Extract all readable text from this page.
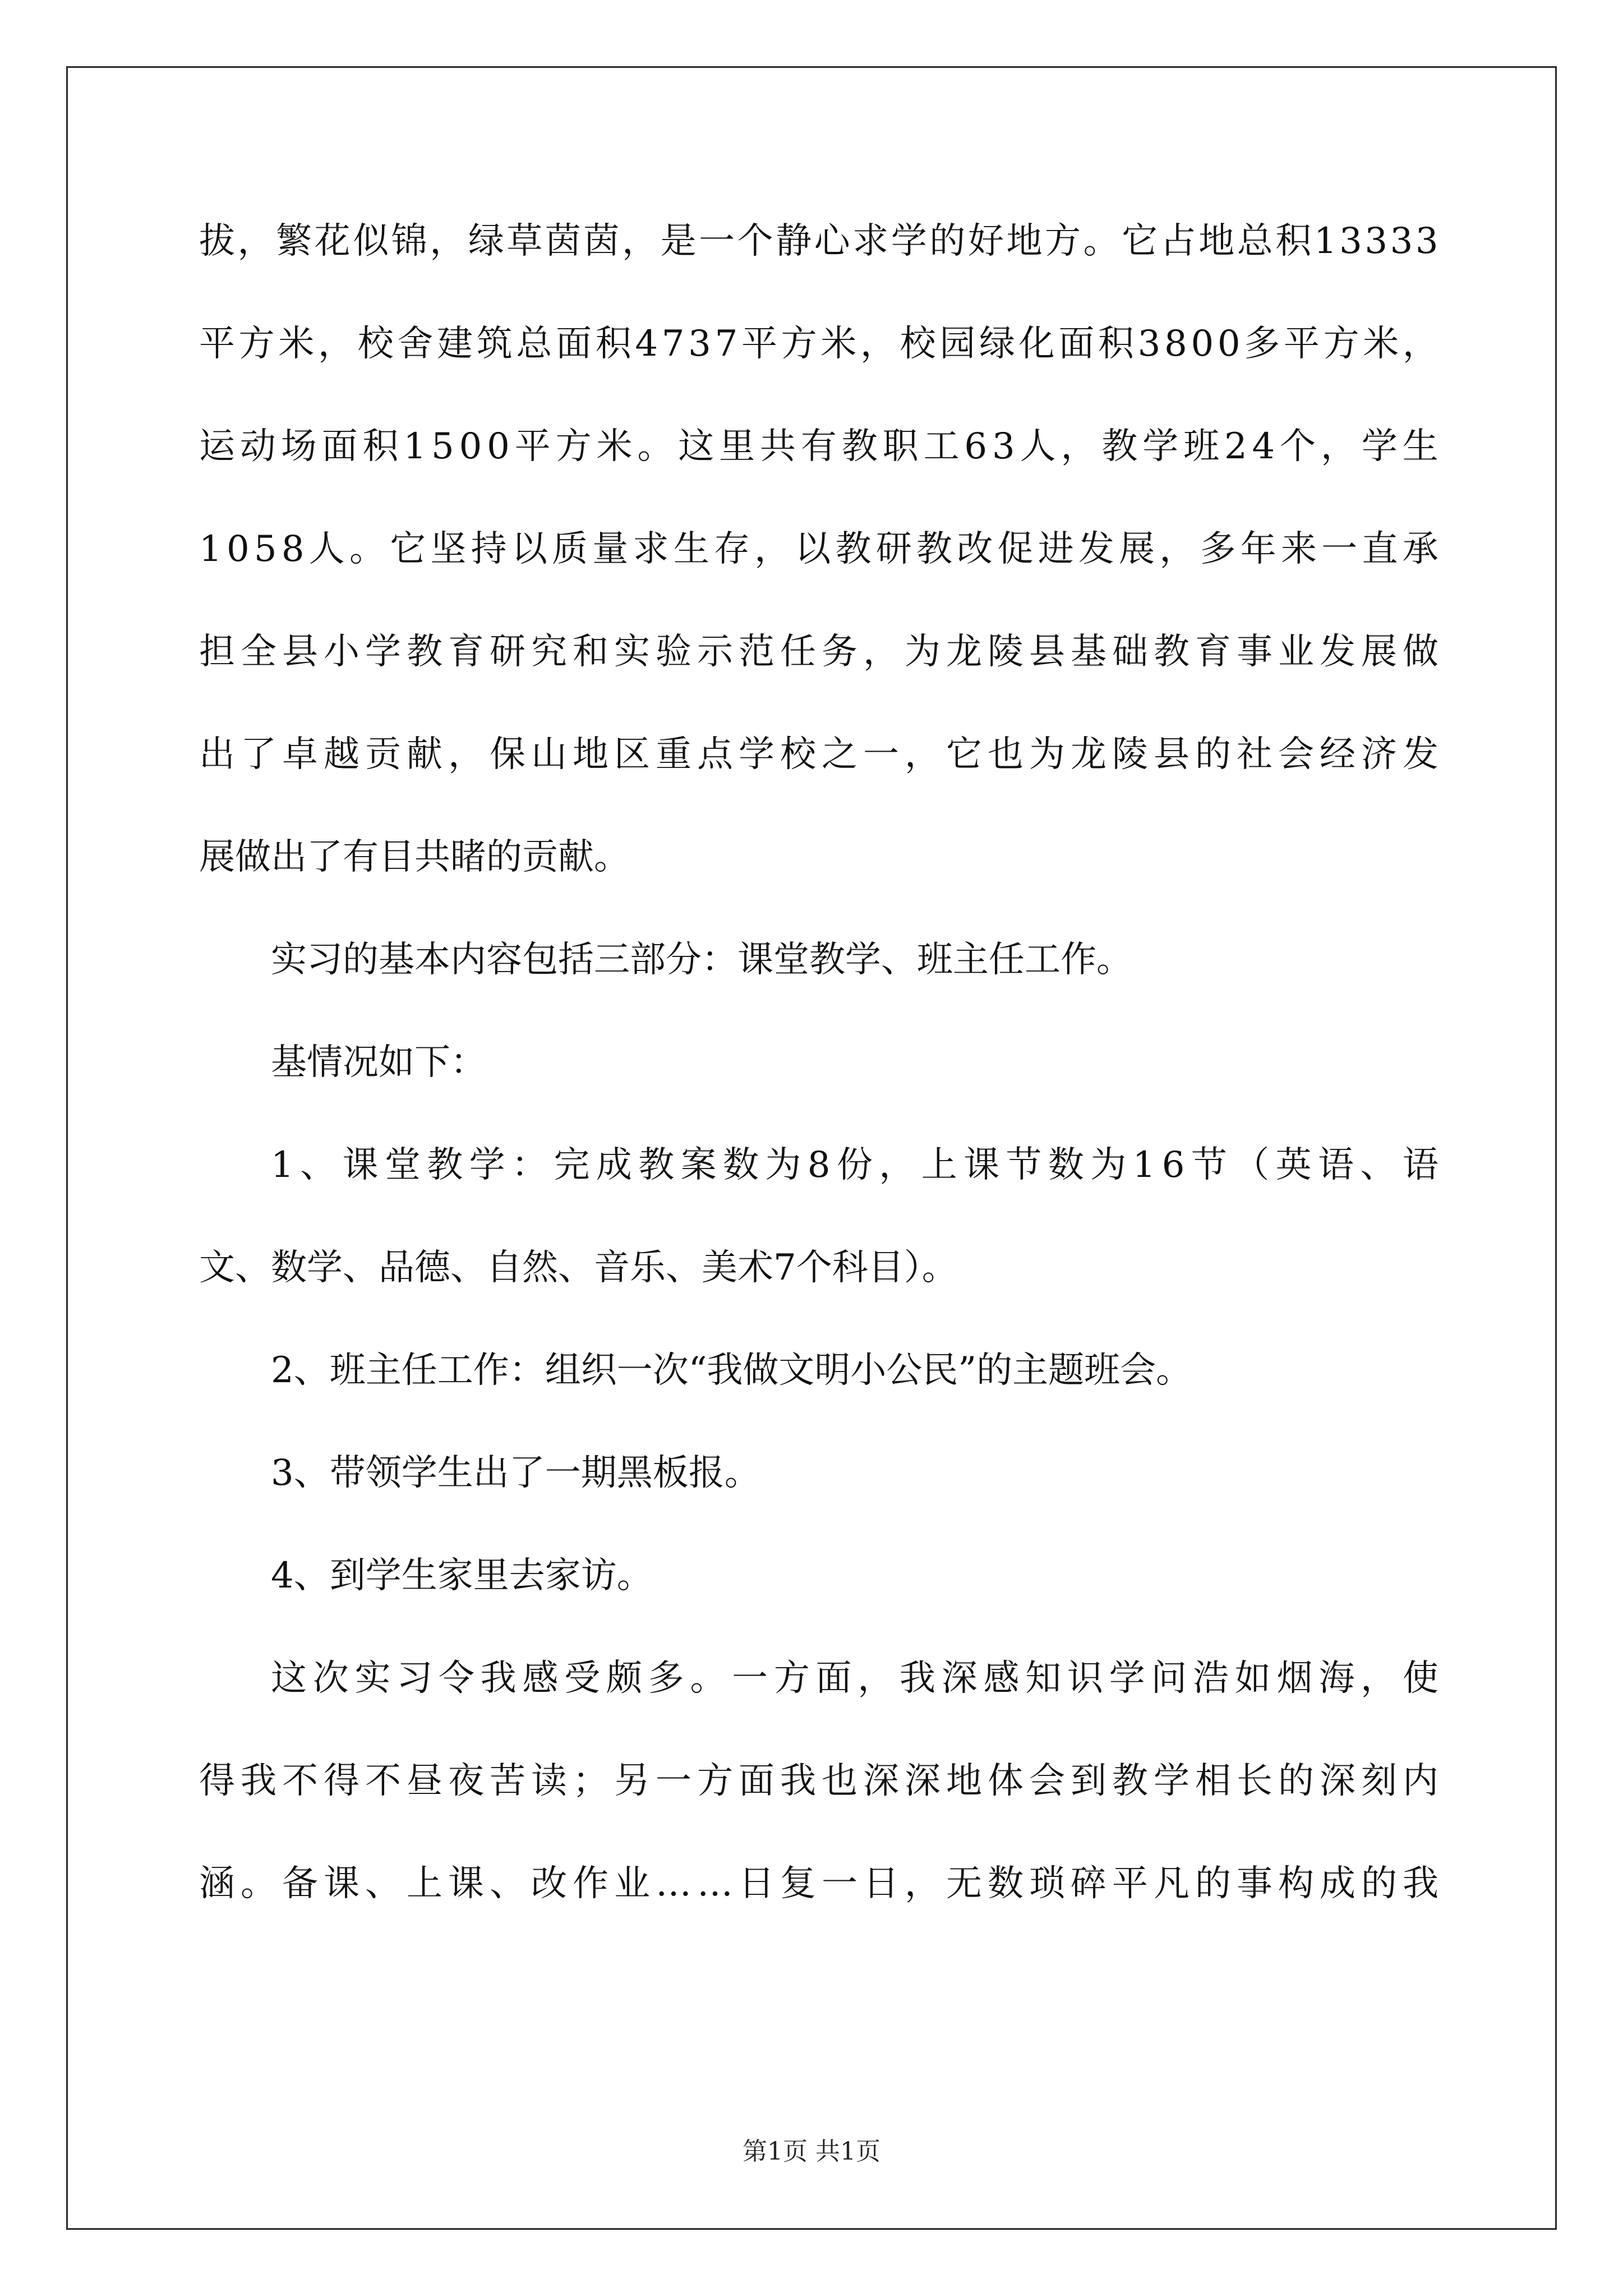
拔 ， 繁 花 似 锦 ， 绿 草 茵 茵 ， 是 一 个 静 心 求 学 的 好 地 方 。 它 占 地 总 积 1 3 3 3 3
平 方 米 ， 校 舍 建 筑 总 面 积 4 7 3 7 平 方 米 ， 校 园 绿 化 面 积 3 8 0 0 多 平 方 米 ，
运 动 场 面 积 1 5 0 0 平 方 米 。 这 里 共 有 教 职 工 6 3 人 ， 教 学 班 2 4 个 ， 学 生
1 0 5 8 人 。 它 坚 持 以 质 量 求 生 存 ， 以 教 研 教 改 促 进 发 展 ， 多 年 来 一 直 承
担 全 县 小 学 教 育 研 究 和 实 验 示 范 任 务 ， 为 龙 陵 县 基 础 教 育 事 业 发 展 做
出 了 卓 越 贡 献 ， 保 山 地 区 重 点 学 校 之 一 ， 它 也 为 龙 陵 县 的 社 会 经 济 发
展做出了有目共睹的贡献。
实习的基本内容包括三部分：课堂教学、班主任工作。
基情况如下：
1 、 课 堂 教 学 ： 完 成 教 案 数 为 8 份 ， 上 课 节 数 为 1 6 节 （ 英 语 、 语
文、数学、品德、自然、音乐、美术7个科目）。
2、班主任工作：组织一次“我做文明小公民”的主题班会。
3、带领学生出了一期黑板报。
4、到学生家里去家访。
这 次 实 习 令 我 感 受 颇 多 。 一 方 面 ， 我 深 感 知 识 学 问 浩 如 烟 海 ， 使
得 我 不 得 不 昼 夜 苦 读 ； 另 一 方 面 我 也 深 深 地 体 会 到 教 学 相 长 的 深 刻 内
涵 。 备 课 、 上 课 、 改 作 业 … … 日 复 一 日 ， 无 数 琐 碎 平 凡 的 事 构 成 的 我
第1页 共1页
